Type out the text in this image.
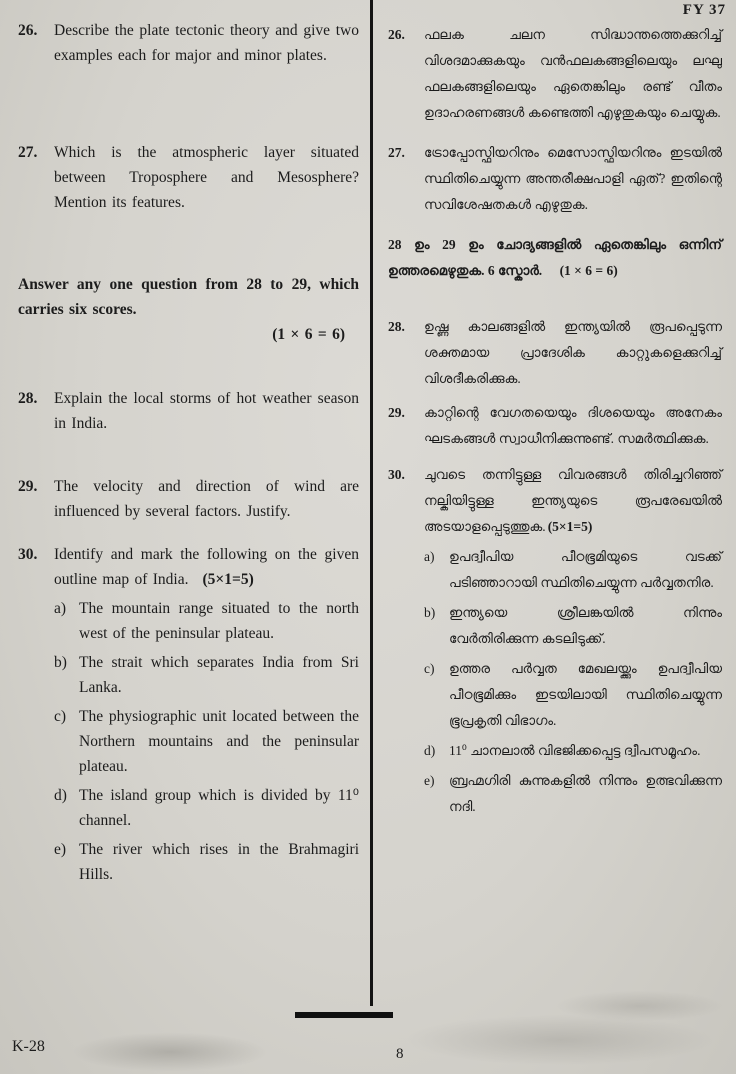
FY 37
26.	Describe the plate tectonic theory and give two examples each for major and minor plates.
27.	Which is the atmospheric layer situated between Troposphere and Mesosphere? Mention its features.
Answer any one question from 28 to 29, which carries six scores.
(1 × 6 = 6)
28.	Explain the local storms of hot weather season in India.
29.	The velocity and direction of wind are influenced by several factors. Justify.
30.	Identify and mark the following on the given outline map of India. (5×1=5)
a) The mountain range situated to the north west of the peninsular plateau.
b) The strait which separates India from Sri Lanka.
c) The physiographic unit located between the Northern mountains and the peninsular plateau.
d) The island group which is divided by 11⁰ channel.
e) The river which rises in the Brahmagiri Hills.
26.	ഫലക ചലന സിദ്ധാന്തത്തെക്കുറിച്ച് വിശദമാക്കുകയും വൻഫലകങ്ങളിലെയും ലഘു ഫലകങ്ങളിലെയും ഏതെങ്കിലും രണ്ട് വീതം ഉദാഹരണങ്ങൾ കണ്ടെത്തി എഴുതുകയും ചെയ്യുക.
27.	ട്രോപ്പോസ്ഫിയറിനും മെസോസ്ഫിയറിനും ഇടയിൽ സ്ഥിതിചെയ്യുന്ന അന്തരീക്ഷപാളി ഏത്? ഇതിന്റെ സവിശേഷതകൾ എഴുതുക.
28 ഉം 29 ഉം ചോദ്യങ്ങളിൽ ഏതെങ്കിലും ഒന്നിന് ഉത്തരമെഴുതുക. 6 സ്കോർ. (1 × 6 = 6)
28.	ഉഷ്ണ കാലങ്ങളിൽ ഇന്ത്യയിൽ രൂപപ്പെടുന്ന ശക്തമായ പ്രാദേശിക കാറ്റുകളെക്കുറിച്ച് വിശദീകരിക്കുക.
29.	കാറ്റിന്റെ വേഗതയെയും ദിശയെയും അനേകം ഘടകങ്ങൾ സ്വാധീനിക്കുന്നുണ്ട്. സമർത്ഥിക്കുക.
30.	ചുവടെ തന്നിട്ടുള്ള വിവരങ്ങൾ തിരിച്ചറിഞ്ഞ് നല്കിയിട്ടുള്ള ഇന്ത്യയുടെ രൂപരേഖയിൽ അടയാളപ്പെടുത്തുക. (5×1=5)
a)	ഉപദ്വീപിയ പീഠഭൂമിയുടെ വടക്ക് പടിഞ്ഞാറായി സ്ഥിതിചെയ്യുന്ന പർവ്വതനിര.
b)	ഇന്ത്യയെ ശ്രീലങ്കയിൽ നിന്നും വേർതിരിക്കുന്ന കടലിടുക്ക്.
c)	ഉത്തര പർവ്വത മേഖലയ്ക്കും ഉപദ്വീപിയ പീഠഭൂമിക്കും ഇടയിലായി സ്ഥിതിചെയ്യുന്ന ഭൂപ്രകൃതി വിഭാഗം.
d)	11⁰ ചാനലാൽ വിഭജിക്കപ്പെട്ട ദ്വീപസമൂഹം.
e)	ബ്രഹ്മഗിരി കുന്നുകളിൽ നിന്നും ഉത്ഭവിക്കുന്ന നദി.
K-28	8
